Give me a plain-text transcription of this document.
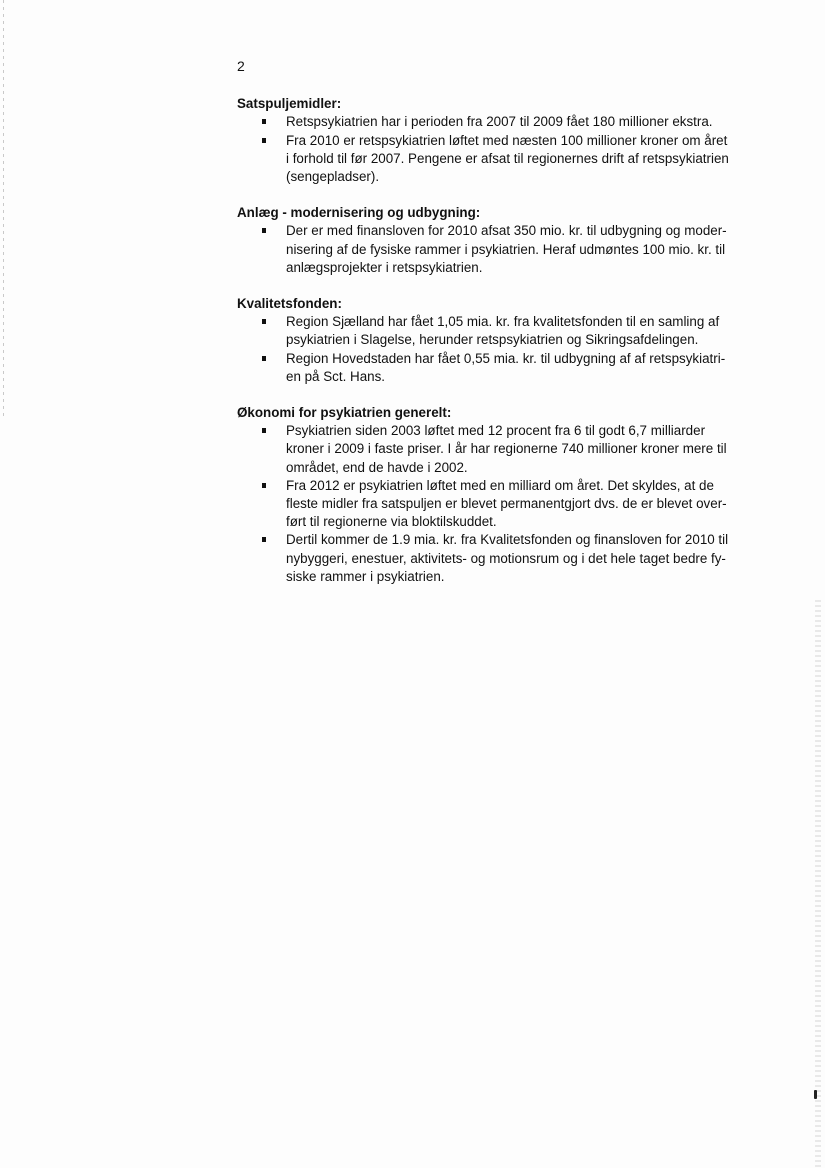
2
Satspuljemidler:
Retspsykiatrien har i perioden fra 2007 til 2009 fået 180 millioner ekstra.
Fra 2010 er retspsykiatrien løftet med næsten 100 millioner kroner om året
i forhold til før 2007. Pengene er afsat til regionernes drift af retspsykiatrien
(sengepladser).
Anlæg - modernisering og udbygning:
Der er med finansloven for 2010 afsat 350 mio. kr. til udbygning og moder-
nisering af de fysiske rammer i psykiatrien. Heraf udmøntes 100 mio. kr. til
anlægsprojekter i retspsykiatrien.
Kvalitetsfonden:
Region Sjælland har fået 1,05 mia. kr. fra kvalitetsfonden til en samling af
psykiatrien i Slagelse, herunder retspsykiatrien og Sikringsafdelingen.
Region Hovedstaden har fået 0,55 mia. kr. til udbygning af af retspsykiatri-
en på Sct. Hans.
Økonomi for psykiatrien generelt:
Psykiatrien siden 2003 løftet med 12 procent fra 6 til godt 6,7 milliarder
kroner i 2009 i faste priser. I år har regionerne 740 millioner kroner mere til
området, end de havde i 2002.
Fra 2012 er psykiatrien løftet med en milliard om året. Det skyldes, at de
fleste midler fra satspuljen er blevet permanentgjort dvs. de er blevet over-
ført til regionerne via bloktilskuddet.
Dertil kommer de 1.9 mia. kr. fra Kvalitetsfonden og finansloven for 2010 til
nybyggeri, enestuer, aktivitets- og motionsrum og i det hele taget bedre fy-
siske rammer i psykiatrien.
